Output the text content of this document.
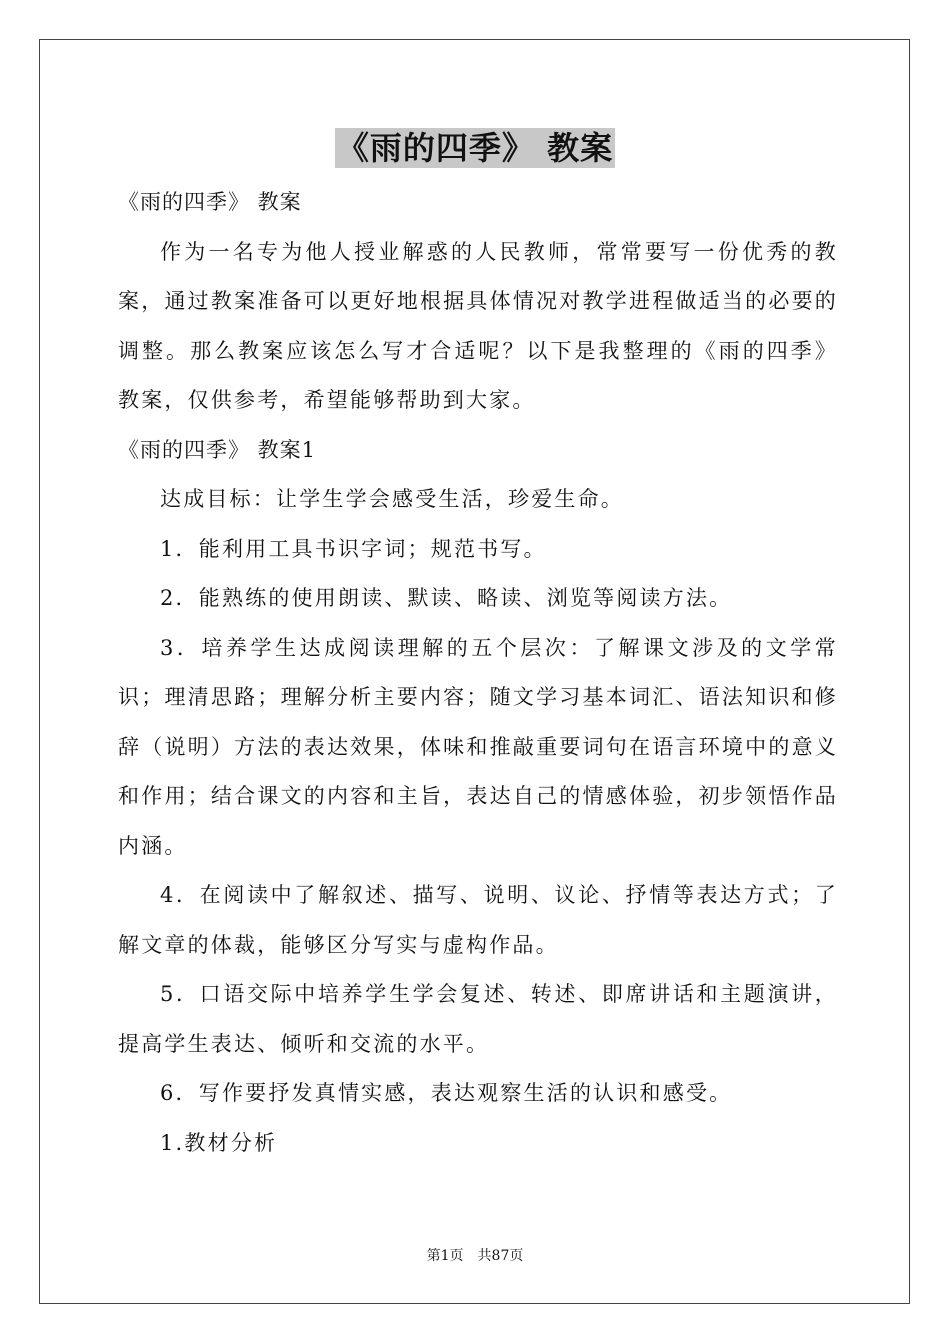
《雨的四季》 教案

《雨的四季》 教案

作为一名专为他人授业解惑的人民教师，常常要写一份优秀的教案，通过教案准备可以更好地根据具体情况对教学进程做适当的必要的调整。那么教案应该怎么写才合适呢？以下是我整理的《雨的四季》 教案，仅供参考，希望能够帮助到大家。

《雨的四季》 教案1

达成目标：让学生学会感受生活，珍爱生命。

1．能利用工具书识字词；规范书写。

2．能熟练的使用朗读、默读、略读、浏览等阅读方法。

3．培养学生达成阅读理解的五个层次：了解课文涉及的文学常识；理清思路；理解分析主要内容；随文学习基本词汇、语法知识和修辞（说明）方法的表达效果，体味和推敲重要词句在语言环境中的意义和作用；结合课文的内容和主旨，表达自己的情感体验，初步领悟作品内涵。

4．在阅读中了解叙述、描写、说明、议论、抒情等表达方式；了解文章的体裁，能够区分写实与虚构作品。

5．口语交际中培养学生学会复述、转述、即席讲话和主题演讲，提高学生表达、倾听和交流的水平。

6．写作要抒发真情实感，表达观察生活的认识和感受。

1.教材分析

第1页　共87页
